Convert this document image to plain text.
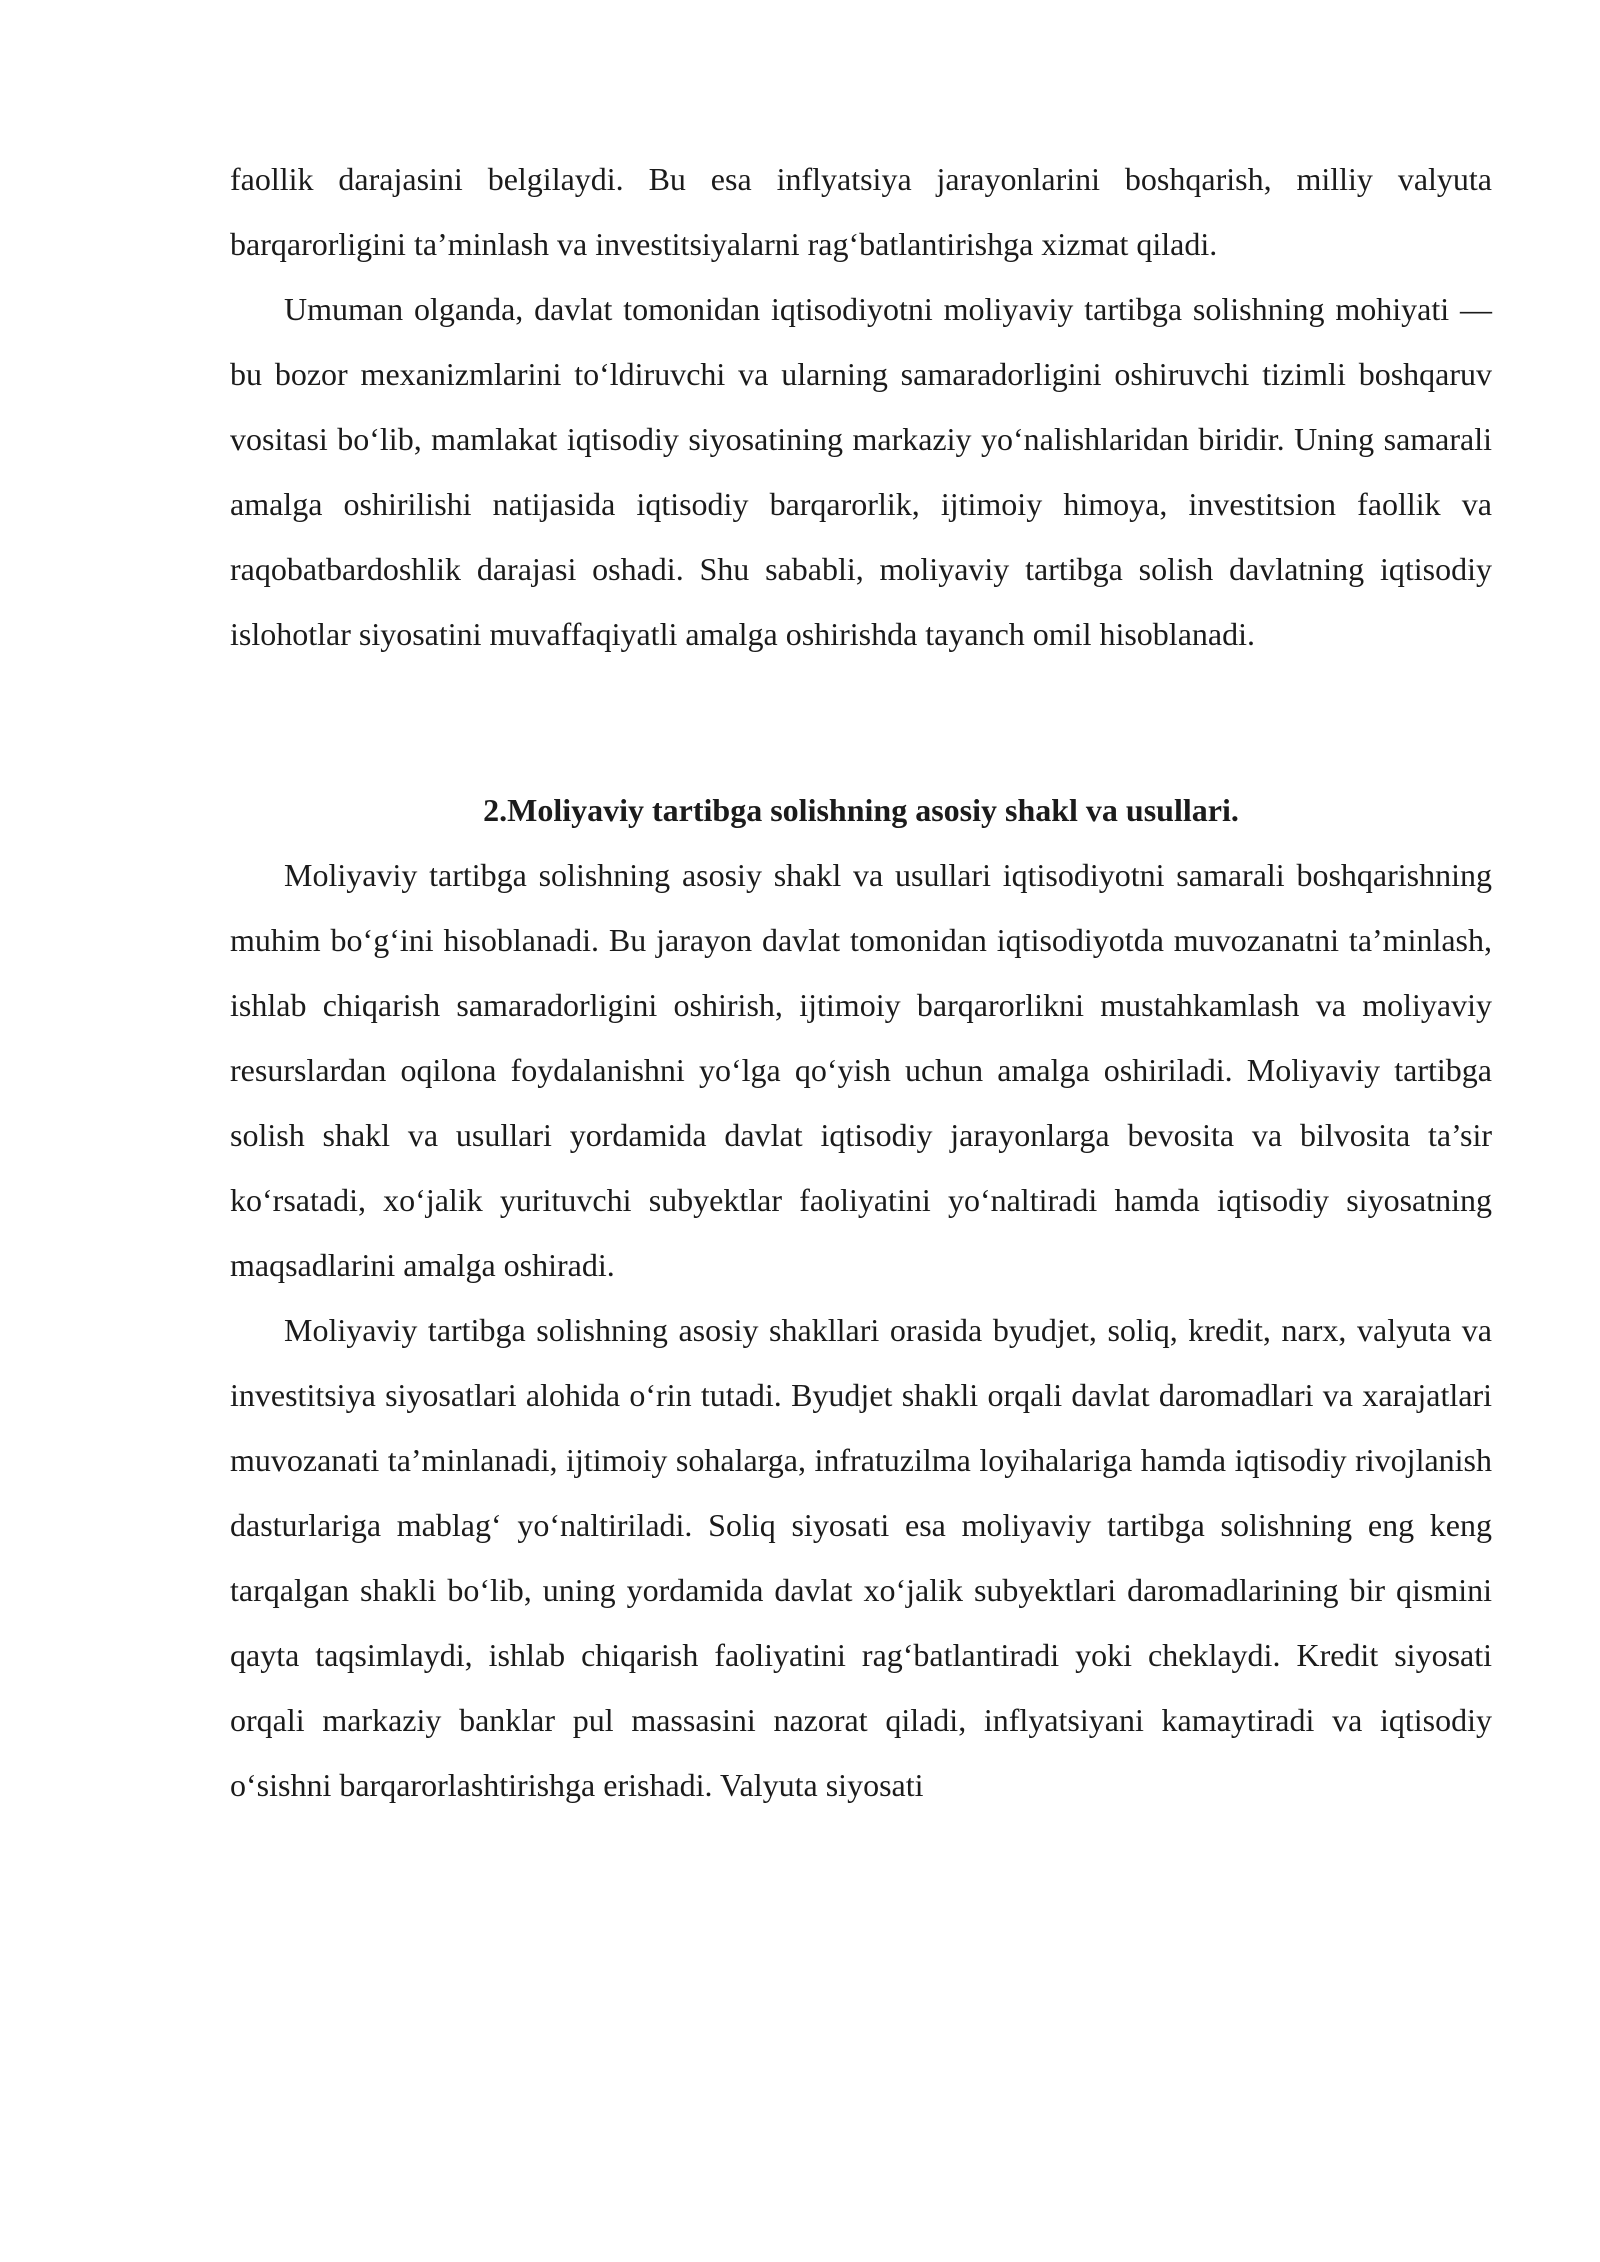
faollik darajasini belgilaydi. Bu esa inflyatsiya jarayonlarini boshqarish, milliy valyuta barqarorligini ta’minlash va investitsiyalarni rag‘batlantirishga xizmat qiladi.

Umuman olganda, davlat tomonidan iqtisodiyotni moliyaviy tartibga solishning mohiyati — bu bozor mexanizmlarini to‘ldiruvchi va ularning samaradorligini oshiruvchi tizimli boshqaruv vositasi bo‘lib, mamlakat iqtisodiy siyosatining markaziy yo‘nalishlaridan biridir. Uning samarali amalga oshirilishi natijasida iqtisodiy barqarorlik, ijtimoiy himoya, investitsion faollik va raqobatbardoshlik darajasi oshadi. Shu sababli, moliyaviy tartibga solish davlatning iqtisodiy islohotlar siyosatini muvaffaqiyatli amalga oshirishda tayanch omil hisoblanadi.

2.Moliyaviy tartibga solishning asosiy shakl va usullari.

Moliyaviy tartibga solishning asosiy shakl va usullari iqtisodiyotni samarali boshqarishning muhim bo‘g‘ini hisoblanadi. Bu jarayon davlat tomonidan iqtisodiyotda muvozanatni ta’minlash, ishlab chiqarish samaradorligini oshirish, ijtimoiy barqarorlikni mustahkamlash va moliyaviy resurslardan oqilona foydalanishni yo‘lga qo‘yish uchun amalga oshiriladi. Moliyaviy tartibga solish shakl va usullari yordamida davlat iqtisodiy jarayonlarga bevosita va bilvosita ta’sir ko‘rsatadi, xo‘jalik yurituvchi subyektlar faoliyatini yo‘naltiradi hamda iqtisodiy siyosatning maqsadlarini amalga oshiradi.

Moliyaviy tartibga solishning asosiy shakllari orasida byudjet, soliq, kredit, narx, valyuta va investitsiya siyosatlari alohida o‘rin tutadi. Byudjet shakli orqali davlat daromadlari va xarajatlari muvozanati ta’minlanadi, ijtimoiy sohalarga, infratuzilma loyihalariga hamda iqtisodiy rivojlanish dasturlariga mablag‘ yo‘naltiriladi. Soliq siyosati esa moliyaviy tartibga solishning eng keng tarqalgan shakli bo‘lib, uning yordamida davlat xo‘jalik subyektlari daromadlarining bir qismini qayta taqsimlaydi, ishlab chiqarish faoliyatini rag‘batlantiradi yoki cheklaydi. Kredit siyosati orqali markaziy banklar pul massasini nazorat qiladi, inflyatsiyani kamaytiradi va iqtisodiy o‘sishni barqarorlashtirishga erishadi. Valyuta siyosati
